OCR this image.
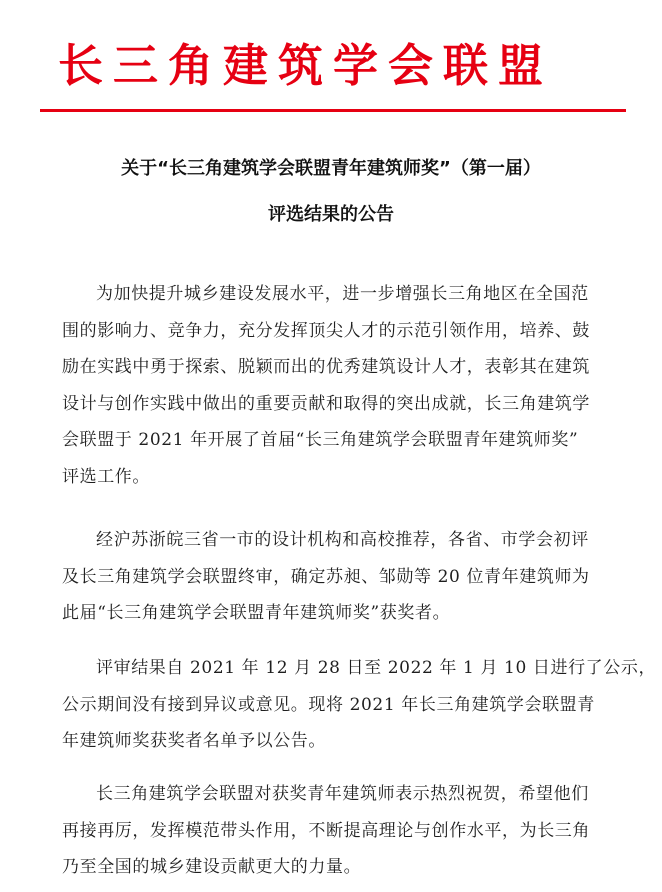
长三角建筑学会联盟
关于“长三角建筑学会联盟青年建筑师奖”（第一届）
评选结果的公告
为加快提升城乡建设发展水平，进一步增强长三角地区在全国范
围的影响力、竞争力，充分发挥顶尖人才的示范引领作用，培养、鼓
励在实践中勇于探索、脱颖而出的优秀建筑设计人才，表彰其在建筑
设计与创作实践中做出的重要贡献和取得的突出成就，长三角建筑学
会联盟于 2021 年开展了首届“长三角建筑学会联盟青年建筑师奖”
评选工作。
经沪苏浙皖三省一市的设计机构和高校推荐，各省、市学会初评
及长三角建筑学会联盟终审，确定苏昶、邹勋等 20 位青年建筑师为
此届“长三角建筑学会联盟青年建筑师奖”获奖者。
评审结果自 2021 年 12 月 28 日至 2022 年 1 月 10 日进行了公示，
公示期间没有接到异议或意见。现将 2021 年长三角建筑学会联盟青
年建筑师奖获奖者名单予以公告。
长三角建筑学会联盟对获奖青年建筑师表示热烈祝贺，希望他们
再接再厉，发挥模范带头作用，不断提高理论与创作水平，为长三角
乃至全国的城乡建设贡献更大的力量。
